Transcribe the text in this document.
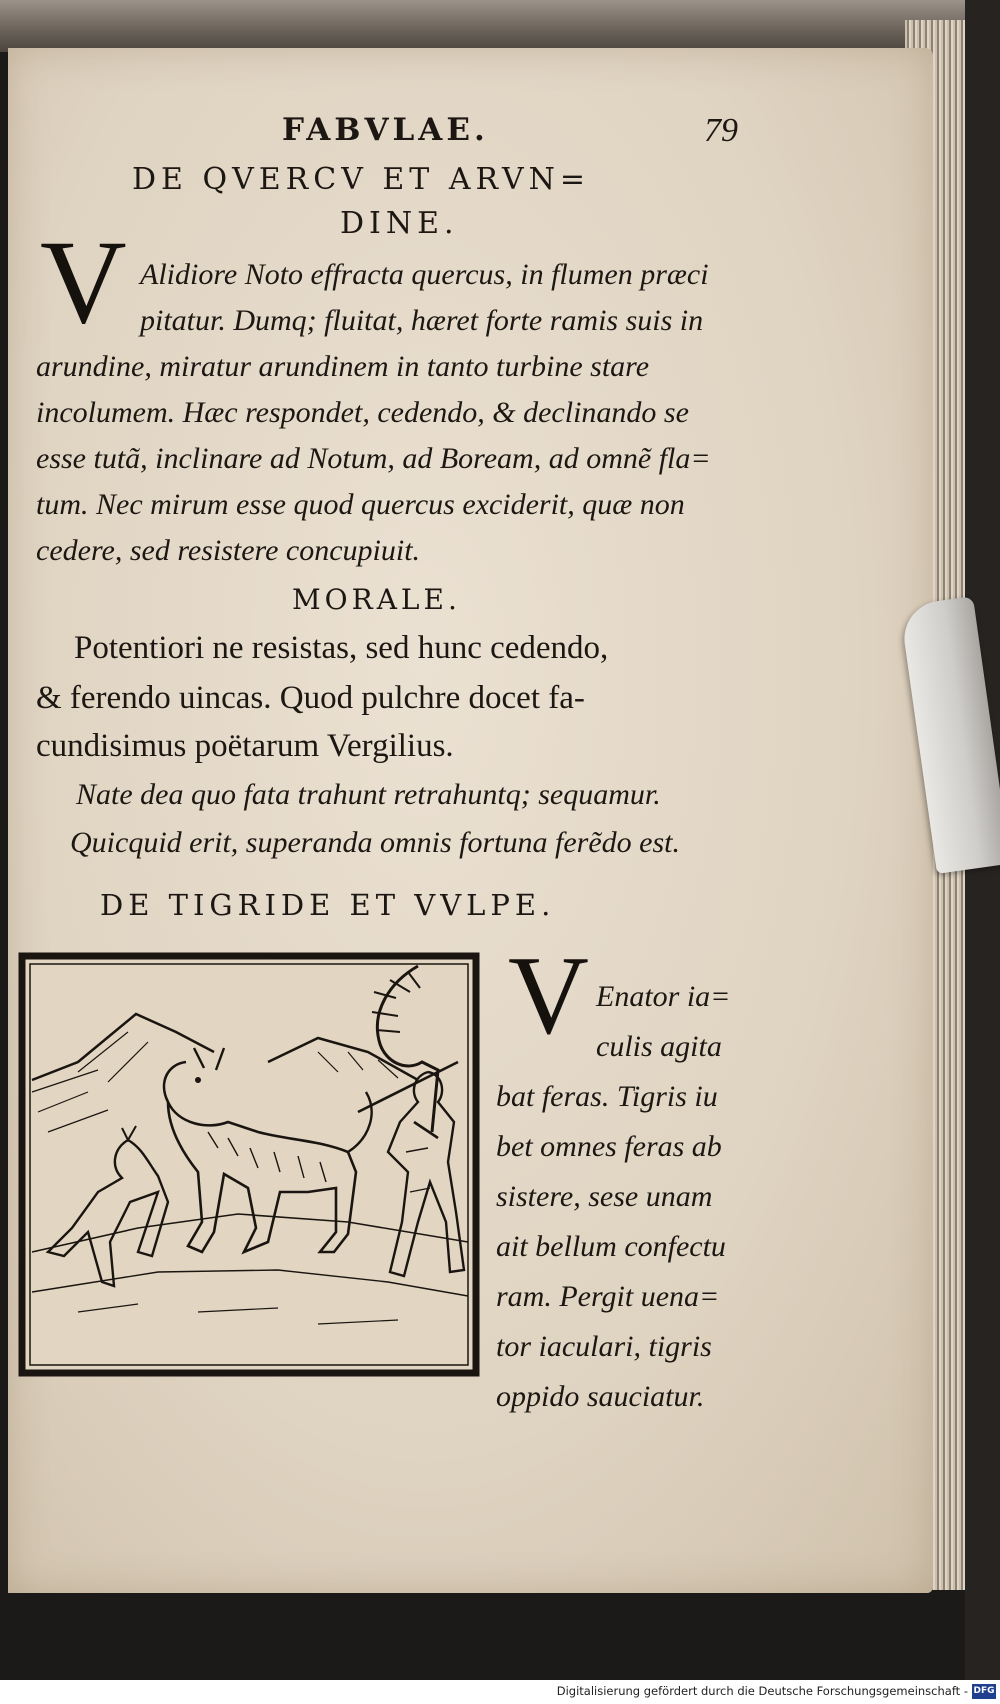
FABVLAE.	79
DE QVERCV ET ARVN=
DINE.
V Alidiore Noto effracta quercus, in flumen præci
pitatur. Dumq; fluitat, hæret forte ramis suis in
arundine, miratur arundinem in tanto turbine stare
incolumem. Hæc respondet, cedendo, & declinando se
esse tutã, inclinare ad Notum, ad Boream, ad omnẽ fla=
tum. Nec mirum esse quod quercus exciderit, quæ non
cedere, sed resistere concupiuit.
MORALE.
Potentiori ne resistas, sed hunc cedendo,
& ferendo uincas. Quod pulchre docet fa-
cundisimus poëtarum Vergilius.
Nate dea quo fata trahunt retrahuntq; sequamur.
Quicquid erit, superanda omnis fortuna ferẽdo est.
DE TIGRIDE ET VVLPE.
V Enator ia=
culis agita
bat feras. Tigris iu
bet omnes feras ab
sistere, sese unam
ait bellum confectu
ram. Pergit uena=
tor iaculari, tigris
oppido sauciatur.
Digitalisierung gefördert durch die Deutsche Forschungsgemeinschaft - DFG
